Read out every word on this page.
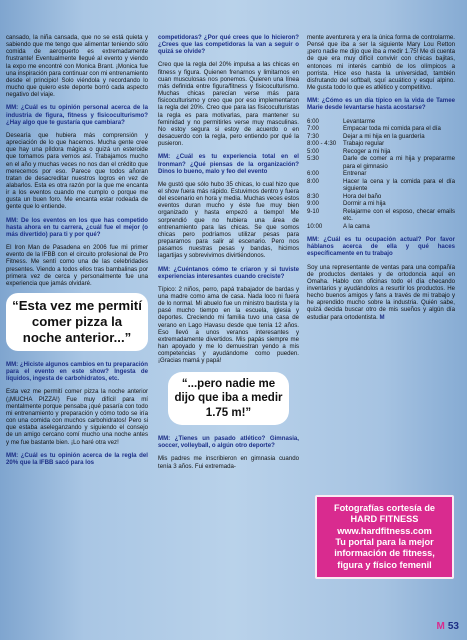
cansado, la niña cansada, que no se está quieta y sabiendo que me tengo que alimentar teniendo sólo comida de aeropuerto es extremadamente frustrante! Eventualmente llegué al evento y viendo la expo me encontré con Monica Brant. ¡Monica fue una inspiración para continuar con mi entrenamiento desde el principio! Solo viéndola y recordando lo mucho que quiero este deporte borró cada aspecto negativo del viaje.

MM: ¿Cuál es tu opinión personal acerca de la industria de figura, fitness y fisicoculturismo? ¿Hay algo que te gustaría que cambiara?

Desearía que hubiera más comprensión y apreciación de lo que hacemos. Mucha gente cree que hay una píldora mágica o quizá un esteroide que tomamos para vernos así. Trabajamos mucho en el año y muchas veces no nos dan el crédito que merecemos por eso. Parece que todos añoran tratan de desacreditar nuestros logros en vez de alabarlos. Esta es otra razón por la que me encanta ir a los eventos cuando me cumplo o porque me gusta un buen foro. Me encanta estar rodeada de gente que lo entiende.

MM: De los eventos en los que has competido hasta ahora en tu carrera, ¿cuál fue el mejor (o más divertido) para ti y por qué?

El Iron Man de Pasadena en 2006 fue mi primer evento de la IFBB con el circuito profesional de Pro Fitness. Me sentí como una de las celebridades presentes. Viendo a todos ellos tras bambalinas por primera vez de cerca y personalmente fue una experiencia que jamás olvidaré.

“Esta vez me permití comer pizza la noche anterior...”

MM: ¿Hiciste algunos cambios en tu preparación para el evento en este show? Ingesta de líquidos, ingesta de carbohidratos, etc.

Esta vez me permití comer pizza la noche anterior (¡MUCHA PIZZA!) Fue muy difícil para mí mentalmente porque pensaba ¡qué pasaría con todo mi entrenamiento y preparación y cómo todo se iría con una comida con muchos carbohidratos! Pero si que estaba aseleganzando y siguiendo el consejo de un amigo cercano comí mucho una noche antes y me fue bastante bien. ¡Lo haré otra vez!

MM: ¿Cuál es tu opinión acerca de la regla del 20% que la IFBB sacó para los

competidoras? ¿Por qué crees que lo hicieron? ¿Crees que las competidoras la van a seguir o quizá se olvide?

Creo que la regla del 20% impulsa a las chicas en fitness y figura. Quienen frenarnos y limitarnos en cuan musculosas nos ponemos. Quieren una línea más definida entre figura/fitness y fisicoculturismo. Muchas chicas parecían verse más para fisicoculturismo y creo que por eso implementaron la regla del 20%. Creo que para las fisicoculturistas la regla es para motivarlas, para mantener su feminidad y no permitirles verse muy masculinas. No estoy segura si estoy de acuerdo o en desacuerdo con la regla, pero entiendo por qué la pusieron.

MM: ¿Cuál es tu experiencia total en el Ironman? ¿Qué piensas de la organización? Dinos lo bueno, malo y feo del evento

Me gustó que sólo hubo 35 chicas, lo cual hizo que el show fuera más rápido. Estuvimos dentro y fuera del escenario en hora y media. Muchas veces estos eventos duran mucho y éste fue muy bien organizado y hasta empezó a tiempo! Me sorprendió que no hubiera una área de entrenamiento para las chicas. Se que somos chicas pero podríamos utilizar pesas para prepararnos para salir al escenario. Pero nos pasamos nuestras pesas y bandas, hicimos lagartijas y sobrevivimos divirtiéndonos.

MM: ¿Cuéntanos cómo te criaron y si tuviste experiencias interesantes cuando creciste?

Típico: 2 niños, perro, papá trabajador de bardas y una madre como ama de casa. Nada loco ni fuera de lo normal. Mi abuelo fue un ministro bautista y la pasé mucho tiempo en la escuela, iglesia y deportes. Creciendo mi familia tuvo una casa de verano en Lago Havasu desde que tenía 12 años. Eso llevó a unos veranos interesantes y extremadamente divertidos. Mis papás siempre me han apoyado y me lo demuestran yendo a mis competencias y ayudándome como pueden. ¡Gracias mamá y papá!

“...pero nadie me dijo que iba a medir 1.75 m!”

MM: ¿Tienes un pasado atlético? Gimnasia, soccer, volleyball, o algún otro deporte?

Mis padres me inscribieron en gimnasia cuando tenía 3 años. Fui extremada-

mente aventurera y era la única forma de controlarme. Pensé que iba a ser la siguiente Mary Lou Retton ¡pero nadie me dijo que iba a medir 1.75! Me di cuenta de que era muy difícil convivir con chicas bajitas, entonces mi interés cambió de los olímpicos a porrista. Hice eso hasta la universidad, también disfrutando del softball, squí acuático y esquí alpino. Me gusta todo lo que es atlético y competitivo.

MM: ¿Cómo es un día típico en la vida de Tamee Marie desde levantarse hasta acostarse?

6:00	Levantarme
7:00	Empacar toda mi comida para el día
7:30	Dejar a mi hija en la guardería
8:00 - 4:30	Trabajo regular
5:00	Recoger a mi hija
5:30	Darle de comer a mi hija y prepararme para el gimnasio
6:00	Entrenar
8:00	Hacer la cena y la comida para el día siguiente
8:30	Hora del baño
9:00	Dormir a mi hija
9-10	Relajarme con el esposo, checar emails etc.
10:00	A la cama

MM: ¿Cuál es tu ocupación actual? Por favor háblanos acerca de ella y qué haces específicamente en tu trabajo

Soy una representante de ventas para una compañía de productos dentales y de ortodoncia aquí en Omaha. Hablo con oficinas todo el día checando inventarios y ayudándolos a resurtir los productos. He hecho buenos amigos y fans a través de mi trabajo y he aprendido mucho sobre la industria. Quién sabe, quizá decida buscar otro de mis sueños y algún día estudiar para ortodentista. M

Fotografías cortesía de
HARD FITNESS
www.hardfitness.com
Tu portal para la mejor
información de fitness,
figura y físico femenil
M 53
